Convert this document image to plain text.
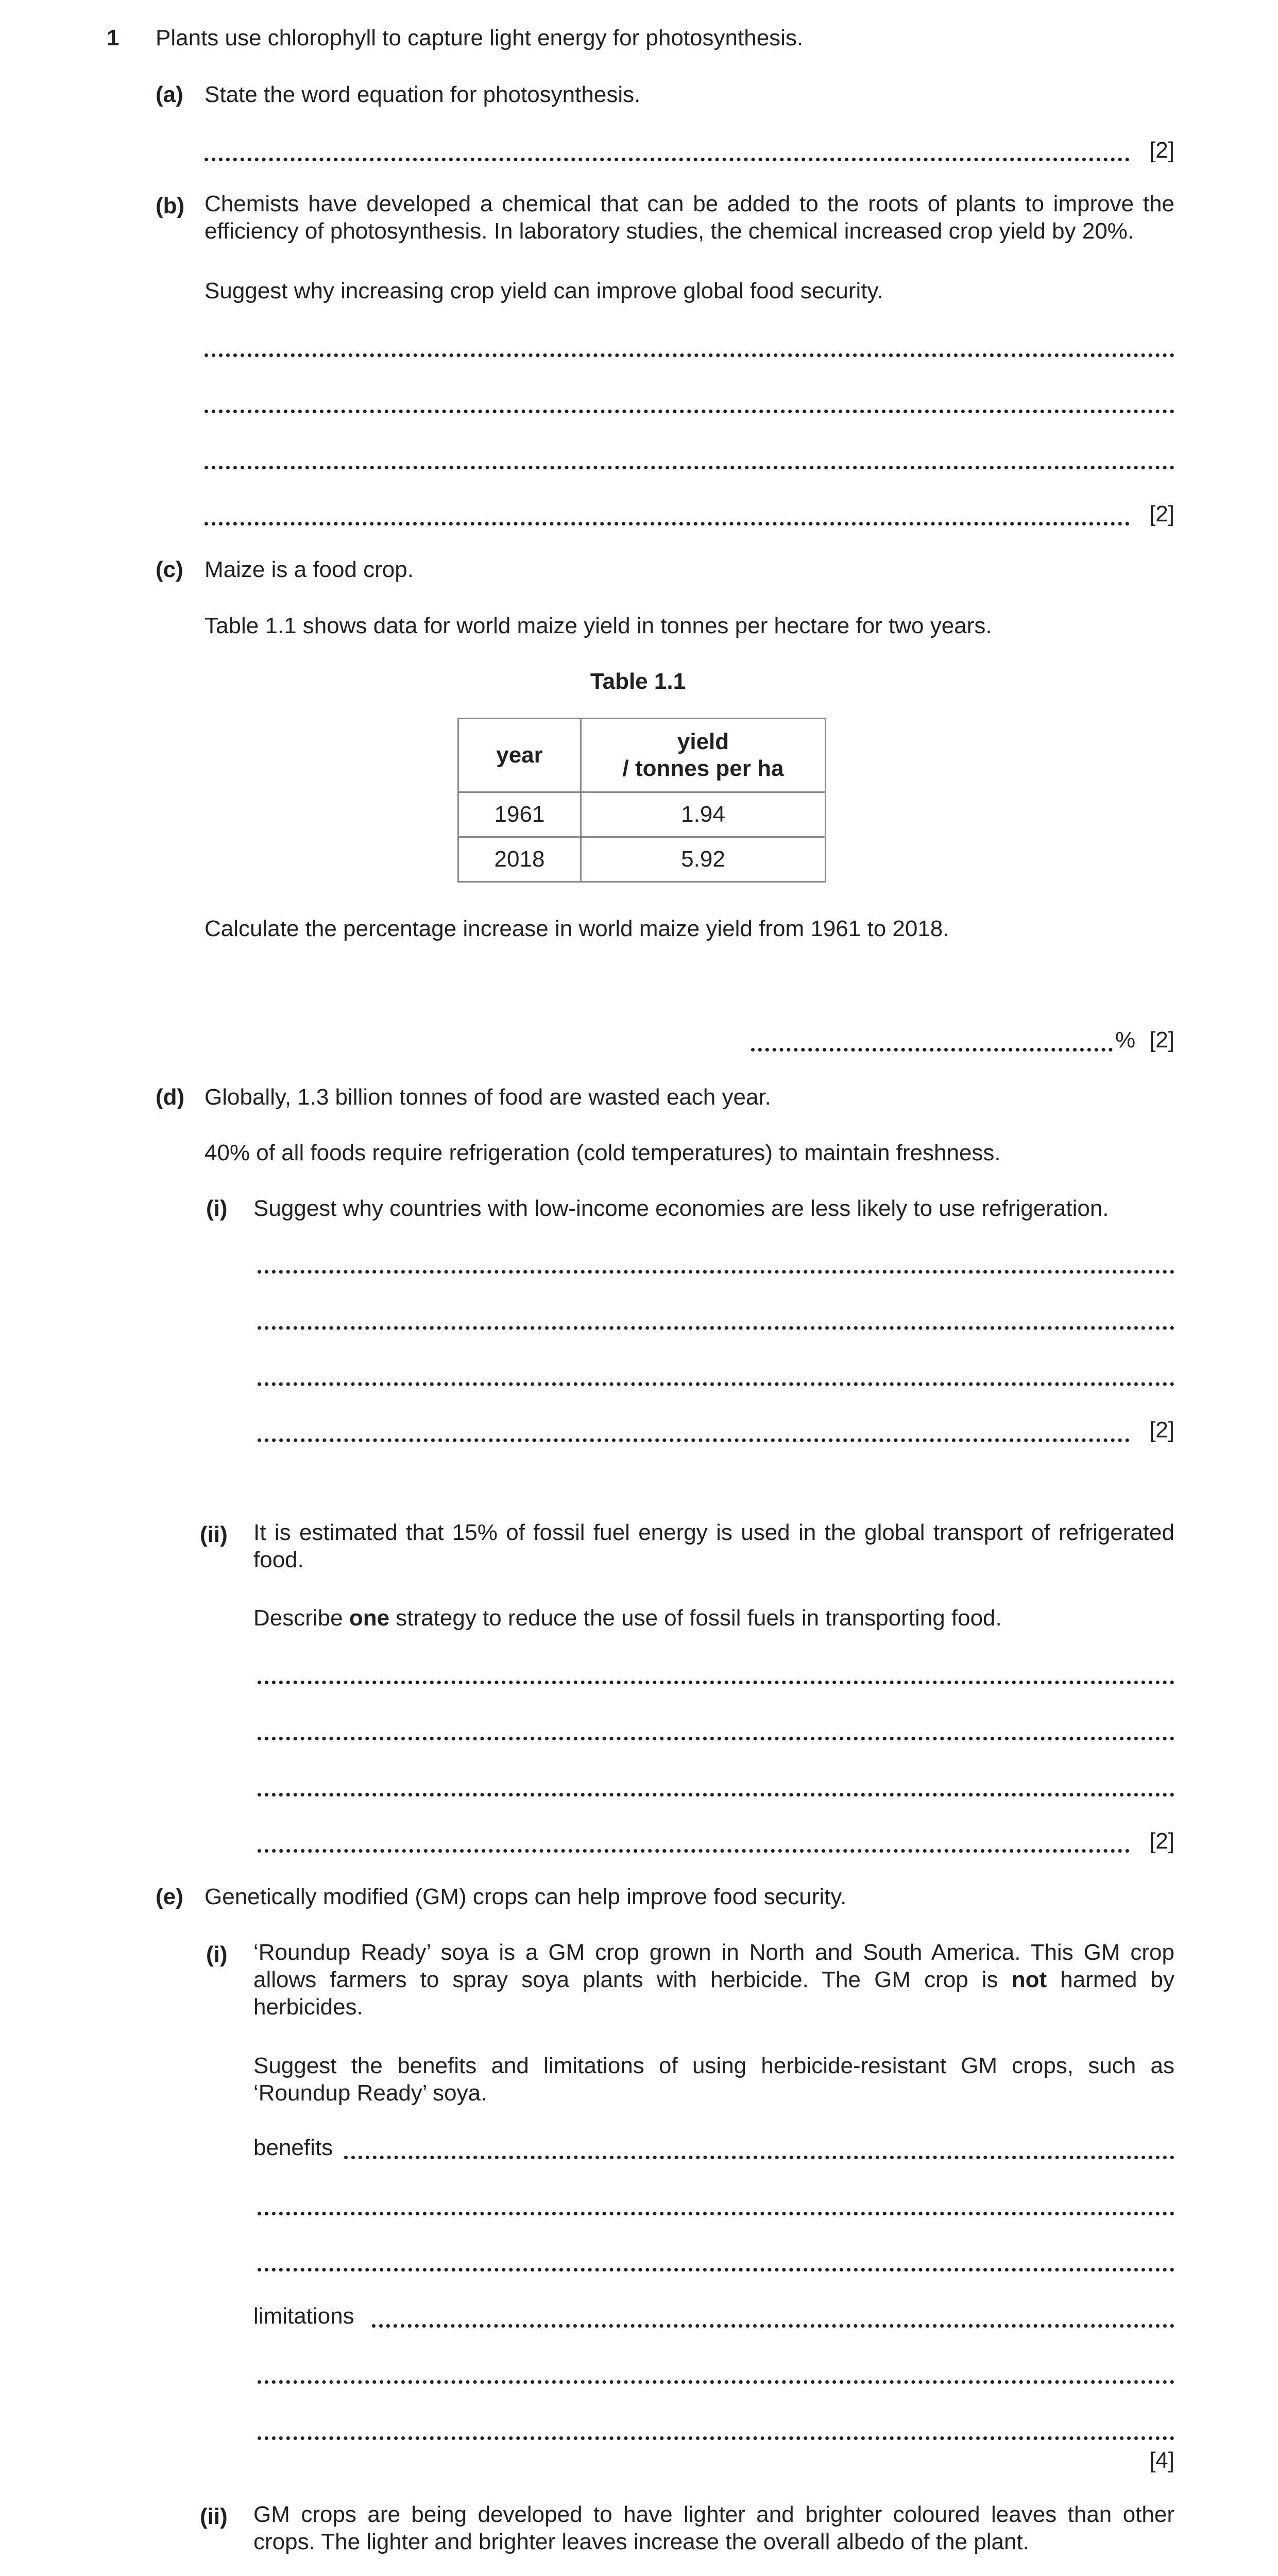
1 Plants use chlorophyll to capture light energy for photosynthesis.
(a) State the word equation for photosynthesis.
[2]
(b) Chemists have developed a chemical that can be added to the roots of plants to improve the efficiency of photosynthesis. In laboratory studies, the chemical increased crop yield by 20%.
Suggest why increasing crop yield can improve global food security.
[2]
(c) Maize is a food crop.
Table 1.1 shows data for world maize yield in tonnes per hectare for two years.
Table 1.1
year	yield
/ tonnes per ha

1961	1.94
2018	5.92
Calculate the percentage increase in world maize yield from 1961 to 2018.
% [2]
(d) Globally, 1.3 billion tonnes of food are wasted each year.
40% of all foods require refrigeration (cold temperatures) to maintain freshness.
(i) Suggest why countries with low-income economies are less likely to use refrigeration.
[2]
(ii) It is estimated that 15% of fossil fuel energy is used in the global transport of refrigerated food.
Describe one strategy to reduce the use of fossil fuels in transporting food.
[2]
(e) Genetically modified (GM) crops can help improve food security.
(i) ‘Roundup Ready’ soya is a GM crop grown in North and South America. This GM crop allows farmers to spray soya plants with herbicide. The GM crop is not harmed by herbicides.
Suggest the benefits and limitations of using herbicide-resistant GM crops, such as ‘Roundup Ready’ soya.
benefits
limitations
[4]
(ii) GM crops are being developed to have lighter and brighter coloured leaves than other crops. The lighter and brighter leaves increase the overall albedo of the plant.
